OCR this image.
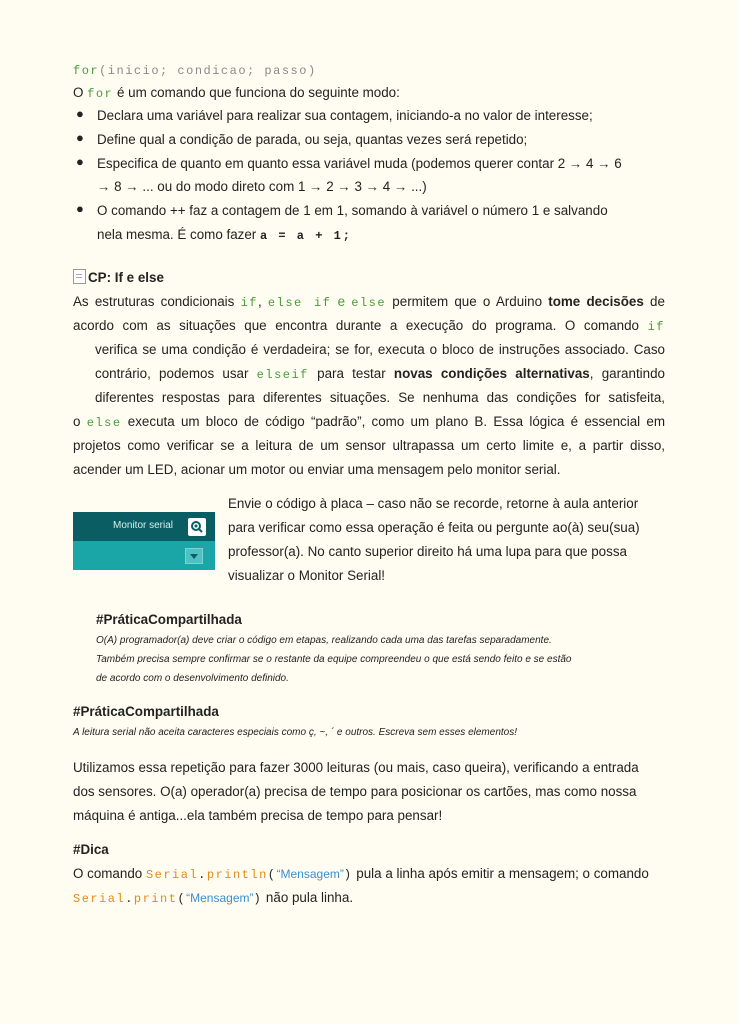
for(inicio; condicao; passo)
O for é um comando que funciona do seguinte modo:
● Declara uma variável para realizar sua contagem, iniciando-a no valor de interesse;
● Define qual a condição de parada, ou seja, quantas vezes será repetido;
● Especifica de quanto em quanto essa variável muda (podemos querer contar 2 → 4 → 6
→ 8 → ... ou do modo direto com 1 → 2 → 3 → 4 → ...)
● O comando ++ faz a contagem de 1 em 1, somando à variável o número 1 e salvando
nela mesma. É como fazer a = a + 1;
CP: If e else
As estruturas condicionais if, else if e else permitem que o Arduino tome decisões de
acordo com as situações que encontra durante a execução do programa. O comando if
verifica se uma condição é verdadeira; se for, executa o bloco de instruções associado. Caso
contrário, podemos usar elseif para testar novas condições alternativas, garantindo
diferentes respostas para diferentes situações. Se nenhuma das condições for satisfeita,
o else executa um bloco de código “padrão”, como um plano B. Essa lógica é essencial em
projetos como verificar se a leitura de um sensor ultrapassa um certo limite e, a partir disso,
acender um LED, acionar um motor ou enviar uma mensagem pelo monitor serial.
Monitor serial
Envie o código à placa – caso não se recorde, retorne à aula anterior
para verificar como essa operação é feita ou pergunte ao(à) seu(sua)
professor(a). No canto superior direito há uma lupa para que possa
visualizar o Monitor Serial!
#PráticaCompartilhada
O(A) programador(a) deve criar o código em etapas, realizando cada uma das tarefas separadamente.
Também precisa sempre confirmar se o restante da equipe compreendeu o que está sendo feito e se estão
de acordo com o desenvolvimento definido.
#PráticaCompartilhada
A leitura serial não aceita caracteres especiais como ç, ~, ´ e outros. Escreva sem esses elementos!
Utilizamos essa repetição para fazer 3000 leituras (ou mais, caso queira), verificando a entrada
dos sensores. O(a) operador(a) precisa de tempo para posicionar os cartões, mas como nossa
máquina é antiga...ela também precisa de tempo para pensar!
#Dica
O comando Serial.println(“Mensagem”) pula a linha após emitir a mensagem; o comando
Serial.print(“Mensagem”) não pula linha.
